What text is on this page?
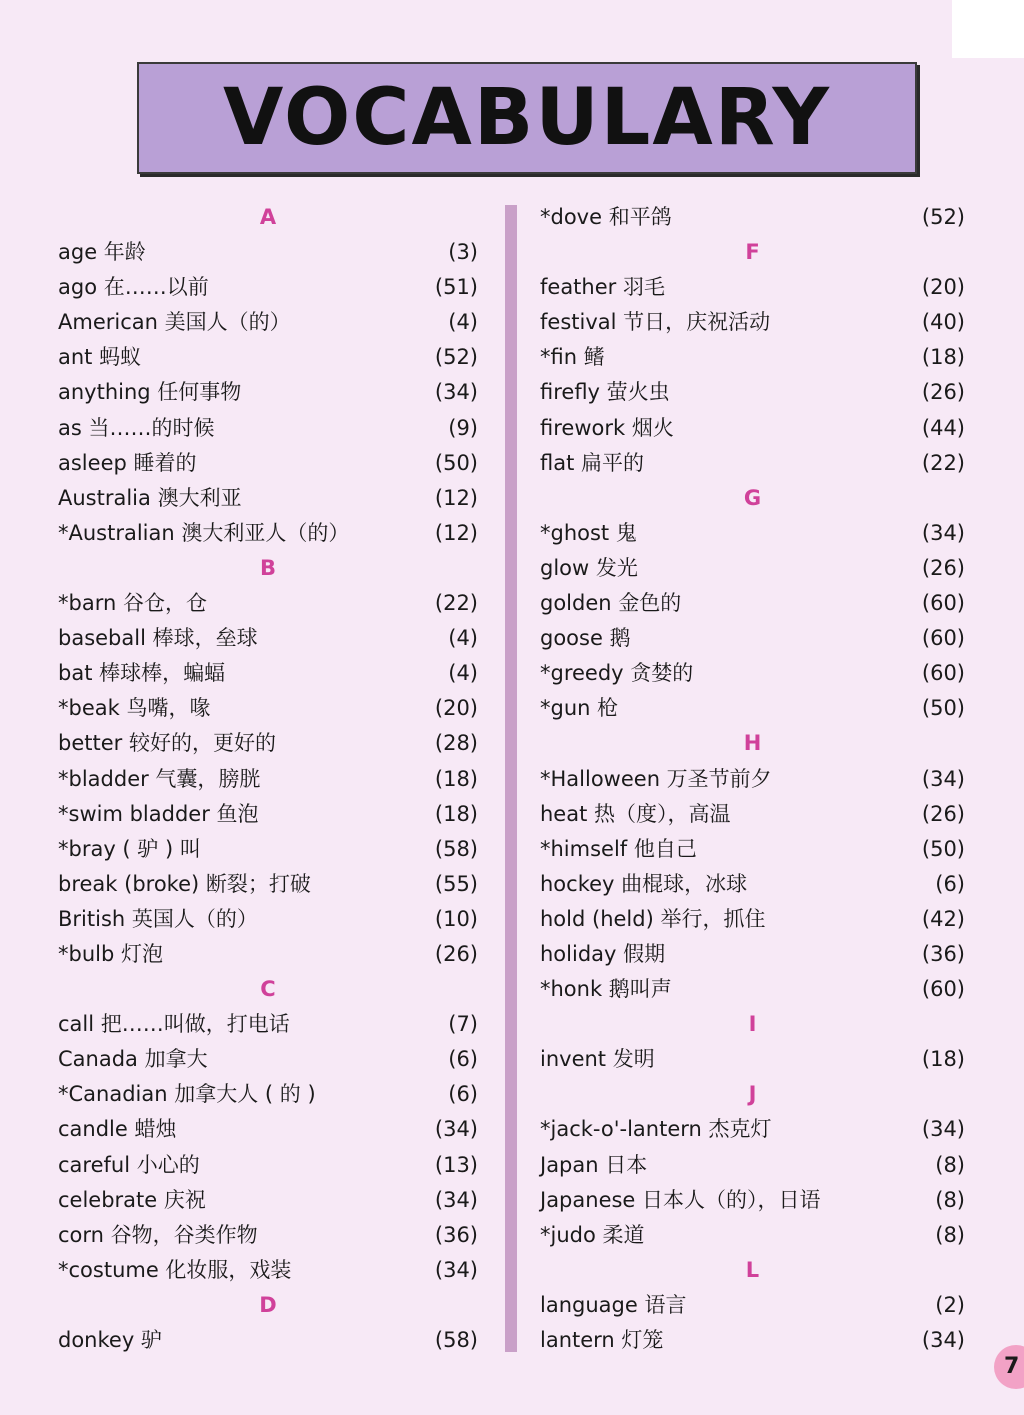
VOCABULARY
A
age 年龄	(3)
ago 在……以前	(51)
American 美国人（的）	(4)
ant 蚂蚁	(52)
anything 任何事物	(34)
as 当……的时候	(9)
asleep 睡着的	(50)
Australia 澳大利亚	(12)
*Australian 澳大利亚人（的）	(12)
B
*barn 谷仓，仓	(22)
baseball 棒球，垒球	(4)
bat 棒球棒，蝙蝠	(4)
*beak 鸟嘴，喙	(20)
better 较好的，更好的	(28)
*bladder 气囊，膀胱	(18)
*swim bladder 鱼泡	(18)
*bray ( 驴 ) 叫	(58)
break (broke) 断裂；打破	(55)
British 英国人（的）	(10)
*bulb 灯泡	(26)
C
call 把……叫做，打电话	(7)
Canada 加拿大	(6)
*Canadian 加拿大人 ( 的 )	(6)
candle 蜡烛	(34)
careful 小心的	(13)
celebrate 庆祝	(34)
corn 谷物，谷类作物	(36)
*costume 化妆服，戏装	(34)
D
donkey 驴	(58)
*dove 和平鸽	(52)
F
feather 羽毛	(20)
festival 节日，庆祝活动	(40)
*fin 鳍	(18)
firefly 萤火虫	(26)
firework 烟火	(44)
flat 扁平的	(22)
G
*ghost 鬼	(34)
glow 发光	(26)
golden 金色的	(60)
goose 鹅	(60)
*greedy 贪婪的	(60)
*gun 枪	(50)
H
*Halloween 万圣节前夕	(34)
heat 热（度），高温	(26)
*himself 他自己	(50)
hockey 曲棍球，冰球	(6)
hold (held) 举行，抓住	(42)
holiday 假期	(36)
*honk 鹅叫声	(60)
I
invent 发明	(18)
J
*jack-o'-lantern 杰克灯	(34)
Japan 日本	(8)
Japanese 日本人（的），日语	(8)
*judo 柔道	(8)
L
language 语言	(2)
lantern 灯笼	(34)
7
